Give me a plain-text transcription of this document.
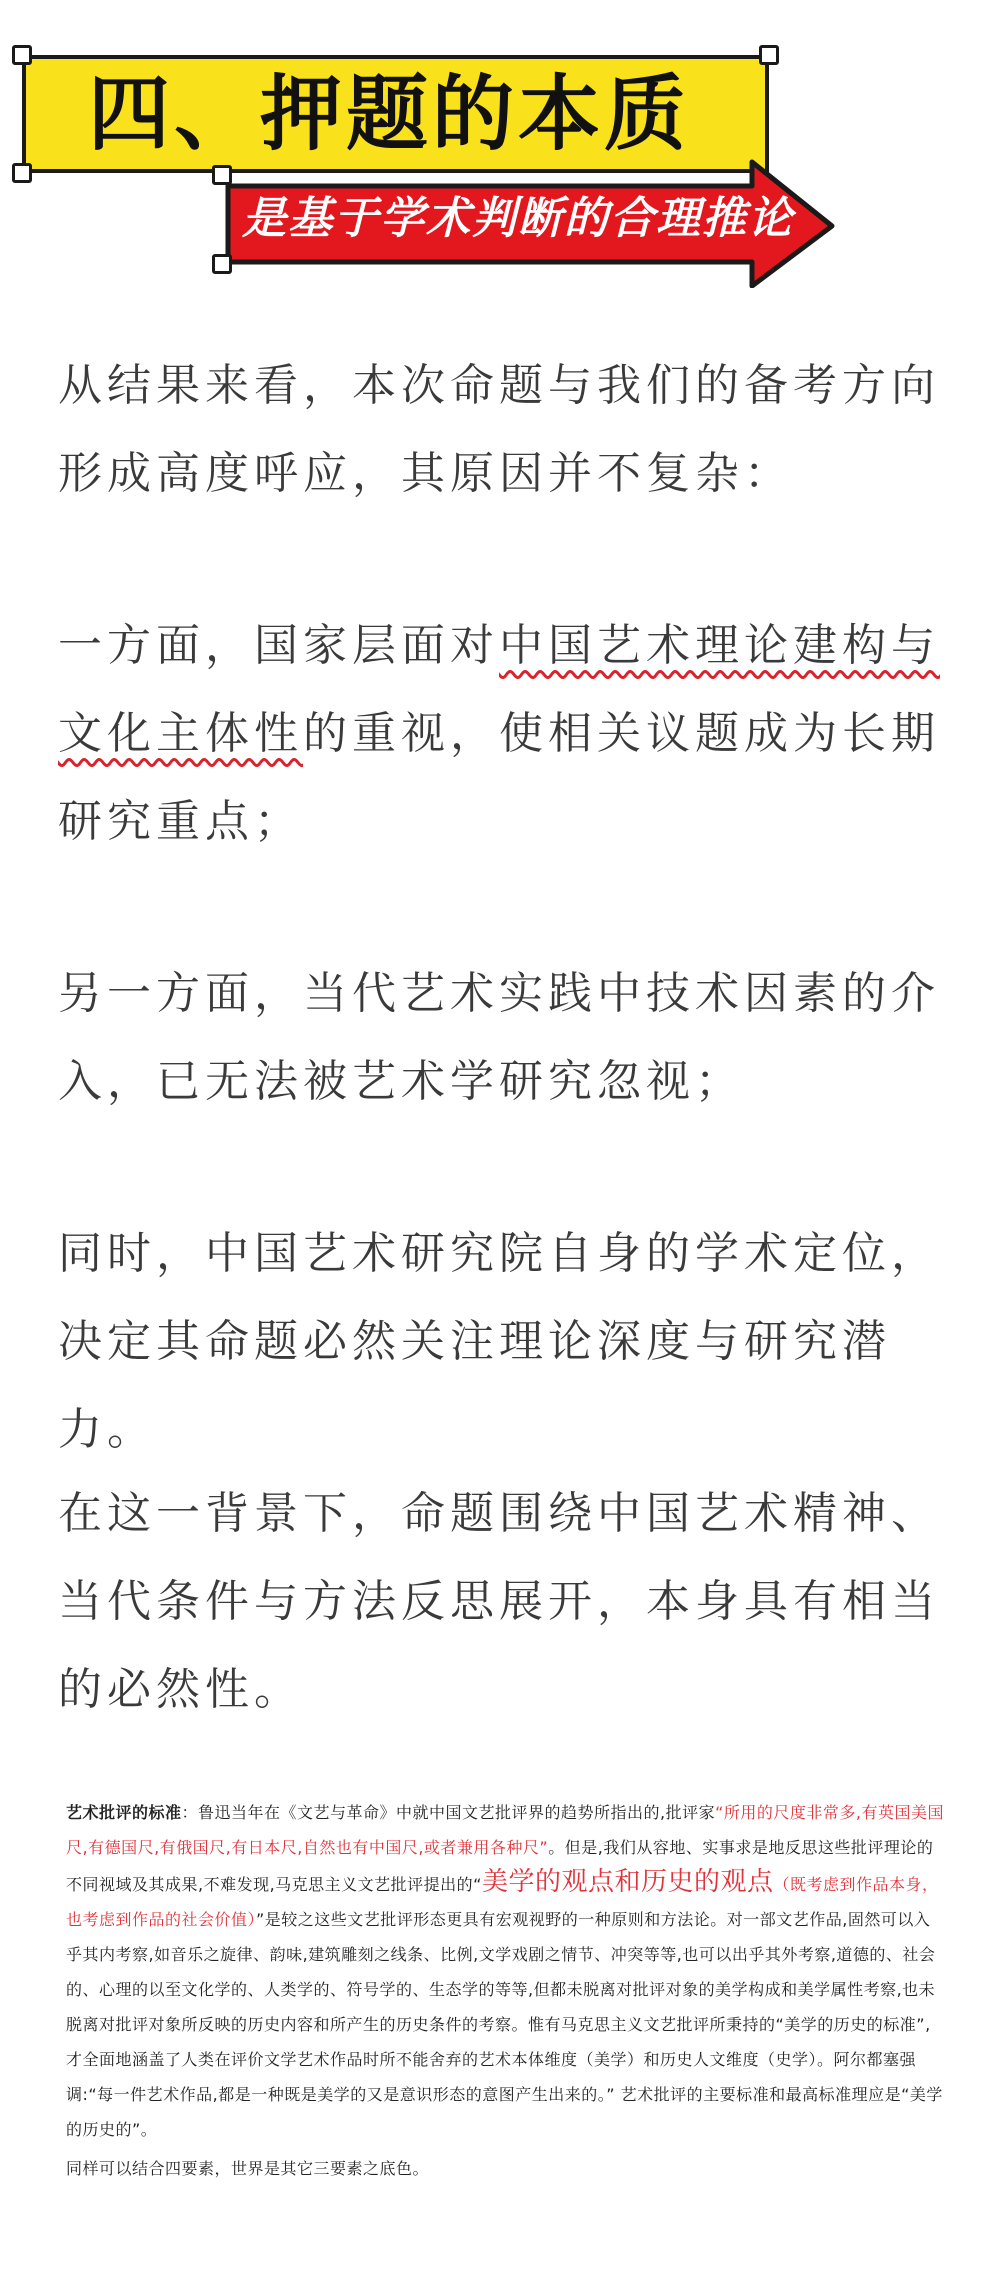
四、押题的本质
是基于学术判断的合理推论

从结果来看，本次命题与我们的备考方向形成高度呼应，其原因并不复杂：

一方面，国家层面对中国艺术理论建构与文化主体性的重视，使相关议题成为长期研究重点；

另一方面，当代艺术实践中技术因素的介入，已无法被艺术学研究忽视；

同时，中国艺术研究院自身的学术定位，决定其命题必然关注理论深度与研究潜力。

在这一背景下，命题围绕中国艺术精神、当代条件与方法反思展开，本身具有相当的必然性。

艺术批评的标准：鲁迅当年在《文艺与革命》中就中国文艺批评界的趋势所指出的,批评家“所用的尺度非常多,有英国美国尺,有德国尺,有俄国尺,有日本尺,自然也有中国尺,或者兼用各种尺”。但是,我们从容地、实事求是地反思这些批评理论的不同视域及其成果,不难发现,马克思主义文艺批评提出的“美学的观点和历史的观点（既考虑到作品本身，也考虑到作品的社会价值）”是较之这些文艺批评形态更具有宏观视野的一种原则和方法论。对一部文艺作品,固然可以入乎其内考察,如音乐之旋律、韵味,建筑雕刻之线条、比例,文学戏剧之情节、冲突等等,也可以出乎其外考察,道德的、社会的、心理的以至文化学的、人类学的、符号学的、生态学的等等,但都未脱离对批评对象的美学构成和美学属性考察,也未脱离对批评对象所反映的历史内容和所产生的历史条件的考察。惟有马克思主义文艺批评所秉持的“美学的历史的标准”,才全面地涵盖了人类在评价文学艺术作品时所不能舍弃的艺术本体维度（美学）和历史人文维度（史学）。阿尔都塞强调:“每一件艺术作品,都是一种既是美学的又是意识形态的意图产生出来的。” 艺术批评的主要标准和最高标准理应是“美学的历史的”。

同样可以结合四要素，世界是其它三要素之底色。
